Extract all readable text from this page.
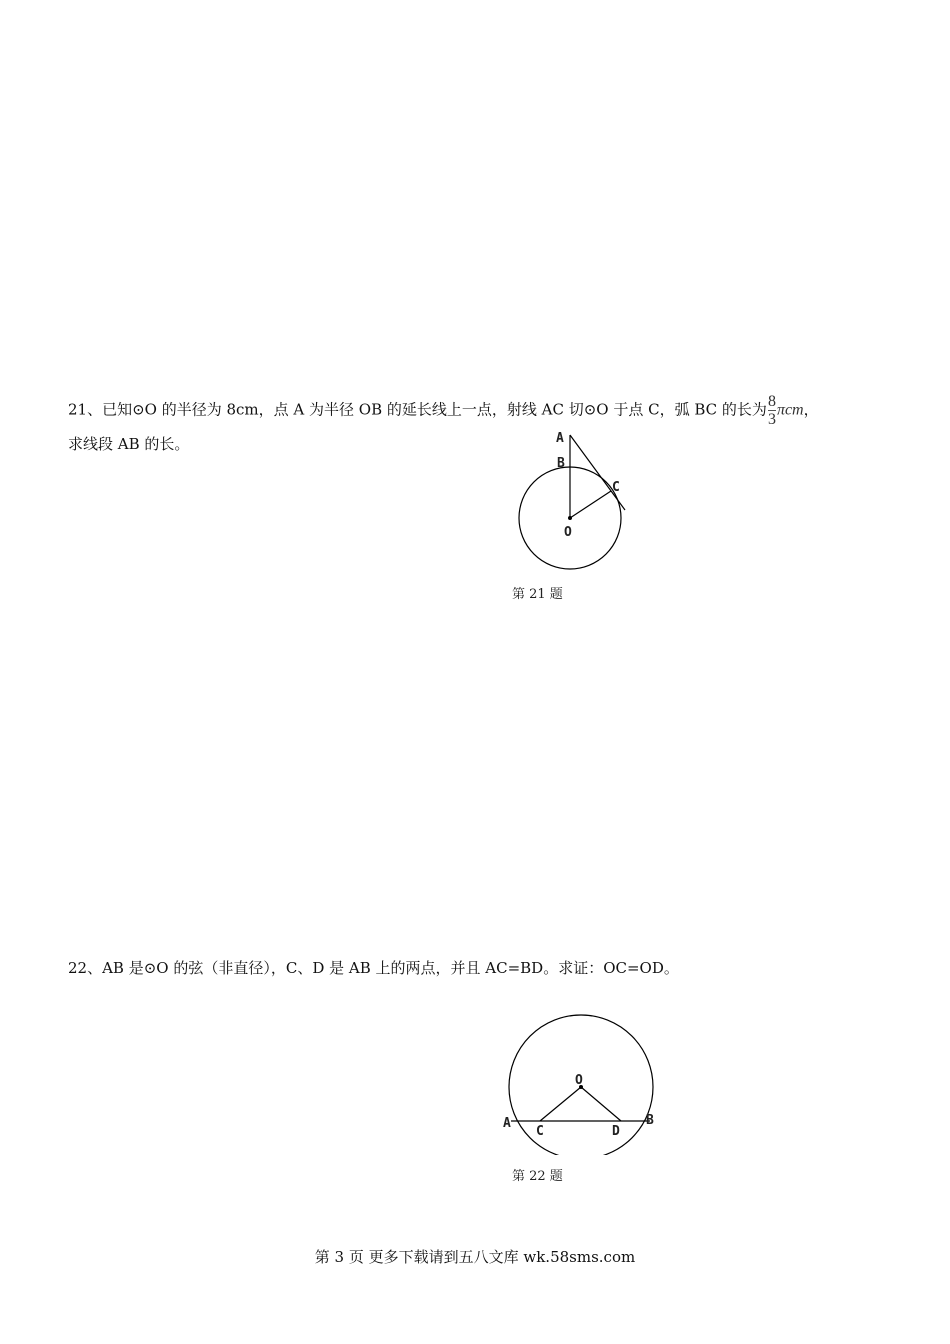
21、已知⊙O 的半径为 8cm，点 A 为半径 OB 的延长线上一点，射线 AC 切⊙O 于点 C，弧 BC 的长为 $\frac{8}{3}$ πcm，
求线段 AB 的长。	A
B
C
O
第 21 题
22、AB 是⊙O 的弦（非直径），C、D 是 AB 上的两点，并且 AC=BD。求证：OC=OD。
O
A	B
C	D
第 22 题
第 3 页 更多下载请到五八文库 wk.58sms.com
